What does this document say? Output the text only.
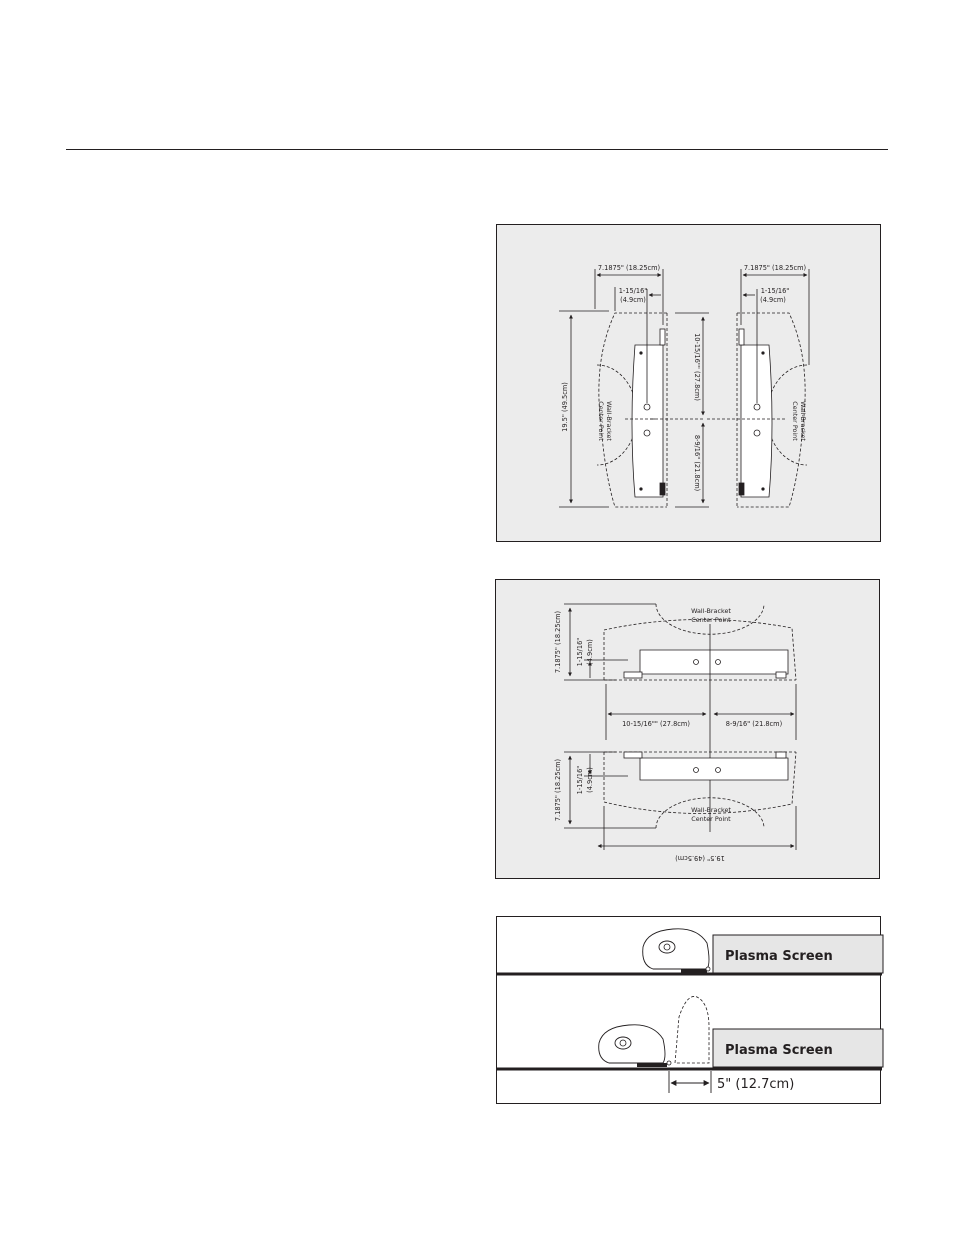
7.1875" (18.25cm)	7.1875" (18.25cm)
1-15/16"
(4.9cm)
1-15/16"
(4.9cm)
19.5" (49.5cm)
10-15/16"" (27.8cm)
8-9/16" (21.8cm)
Wall-Bracket
Center Point	Wall-Bracket
Center Point
7.1875" (18.25cm) 1-15/16" (4.9cm)
7.1875" (18.25cm) 1-15/16" (4.9cm)
10-15/16"" (27.8cm)	8-9/16" (21.8cm)
19.5" (49.5cm)
Wall-Bracket
Center Point
Wall-Bracket
Center Point
Plasma Screen
Plasma Screen
5" (12.7cm)
